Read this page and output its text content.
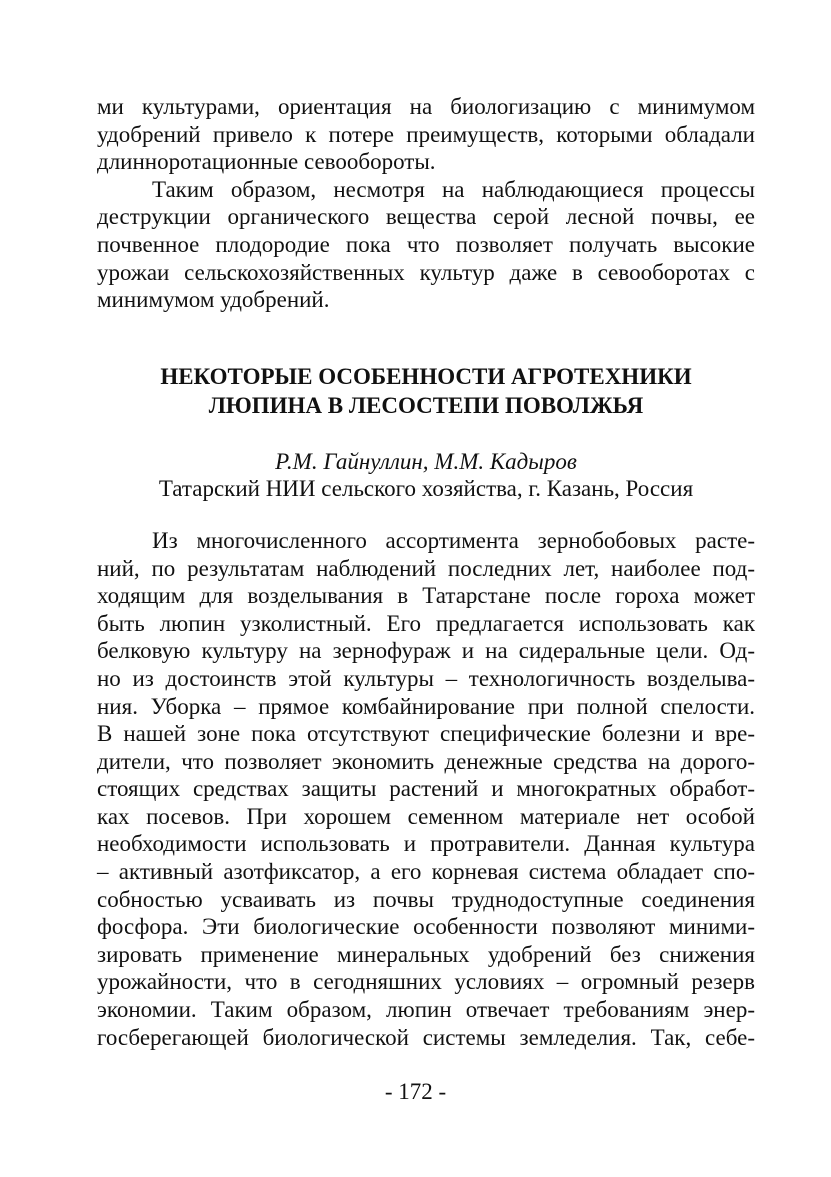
ми культурами, ориентация на биологизацию с минимумом
удобрений привело к потере преимуществ, которыми обладали
длиннoротационные севообороты.
Таким образом, несмотря на наблюдающиеся процессы
деструкции органического вещества серой лесной почвы, ее
почвенное плодородие пока что позволяет получать высокие
урожаи сельскохозяйственных культур даже в севооборотах с
минимумом удобрений.
НЕКОТОРЫЕ ОСОБЕННОСТИ АГРОТЕХНИКИ
ЛЮПИНА В ЛЕСОСТЕПИ ПОВОЛЖЬЯ
Р.М. Гайнуллин, М.М. Кадыров
Татарский НИИ сельского хозяйства, г. Казань, Россия
Из многочисленного ассортимента зернобобовых расте-
ний, по результатам наблюдений последних лет, наиболее под-
ходящим для возделывания в Татарстане после гороха может
быть люпин узколистный. Его предлагается использовать как
белковую культуру на зернофураж и на сидеральные цели. Од-
но из достоинств этой культуры – технологичность возделыва-
ния. Уборка – прямое комбайнирование при полной спелости.
В нашей зоне пока отсутствуют специфические болезни и вре-
дители, что позволяет экономить денежные средства на дорого-
стоящих средствах защиты растений и многократных обработ-
ках посевов. При хорошем семенном материале нет особой
необходимости использовать и протравители. Данная культура
– активный азотфиксатор, а его корневая система обладает спо-
собностью усваивать из почвы труднодоступные соединения
фосфора. Эти биологические особенности позволяют миними-
зировать применение минеральных удобрений без снижения
урожайности, что в сегодняшних условиях – огромный резерв
экономии. Таким образом, люпин отвечает требованиям энер-
госберегающей биологической системы земледелия. Так, себе-
- 172 -
